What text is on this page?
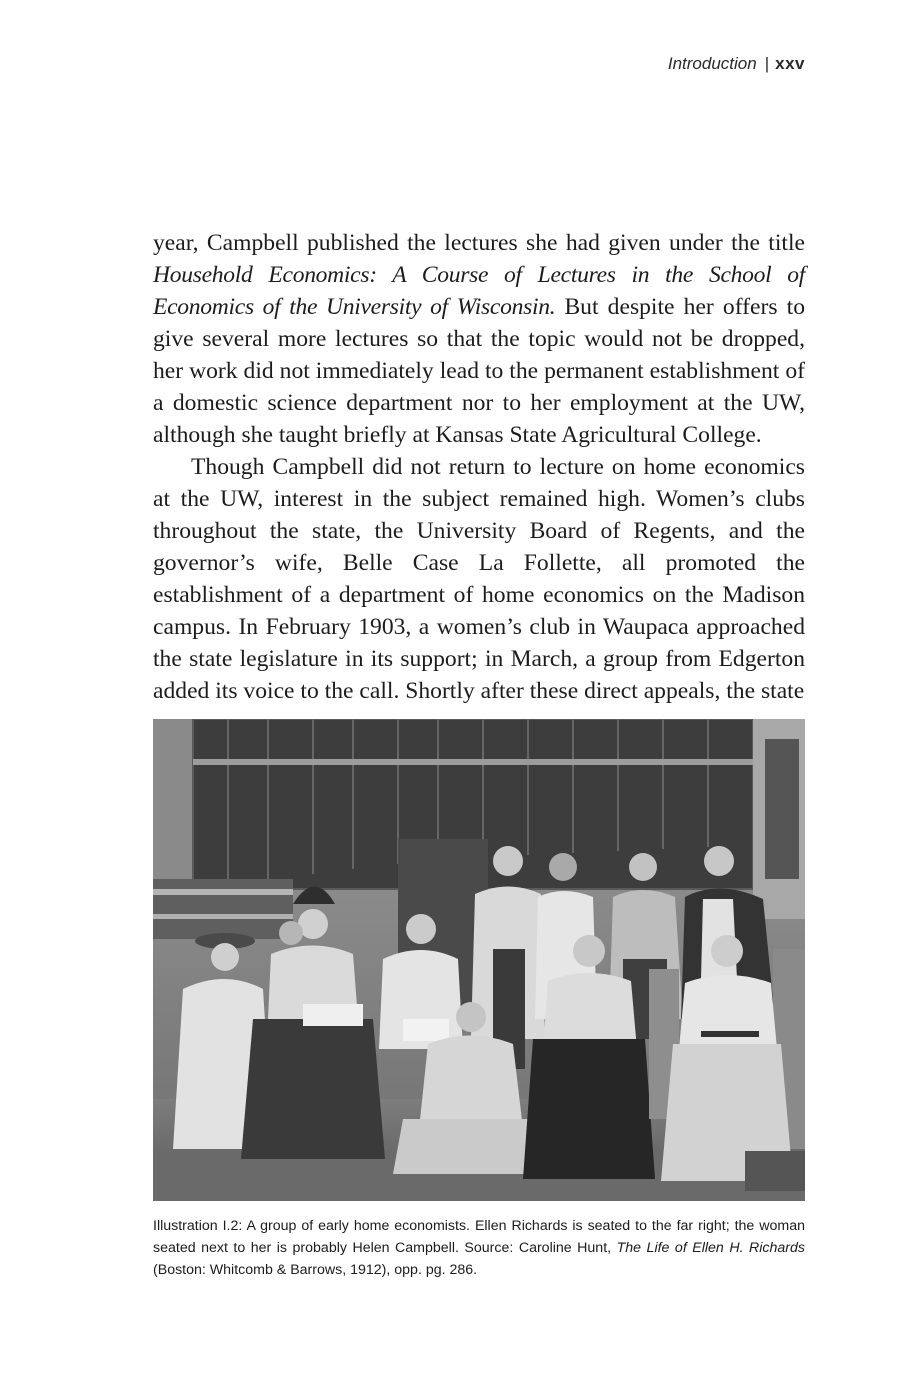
Introduction | xxv

year, Campbell published the lectures she had given under the title Household Economics: A Course of Lectures in the School of Economics of the University of Wisconsin. But despite her offers to give several more lectures so that the topic would not be dropped, her work did not immediately lead to the permanent establishment of a domestic science department nor to her employment at the UW, although she taught briefly at Kansas State Agricultural College.

Though Campbell did not return to lecture on home economics at the UW, interest in the subject remained high. Women’s clubs throughout the state, the University Board of Regents, and the governor’s wife, Belle Case La Follette, all promoted the establishment of a department of home economics on the Madison campus. In February 1903, a women’s club in Waupaca approached the state legislature in its support; in March, a group from Edgerton added its voice to the call. Shortly after these direct appeals, the state

Illustration I.2: A group of early home economists. Ellen Richards is seated to the far right; the woman seated next to her is probably Helen Campbell. Source: Caroline Hunt, The Life of Ellen H. Richards (Boston: Whitcomb & Barrows, 1912), opp. pg. 286.
